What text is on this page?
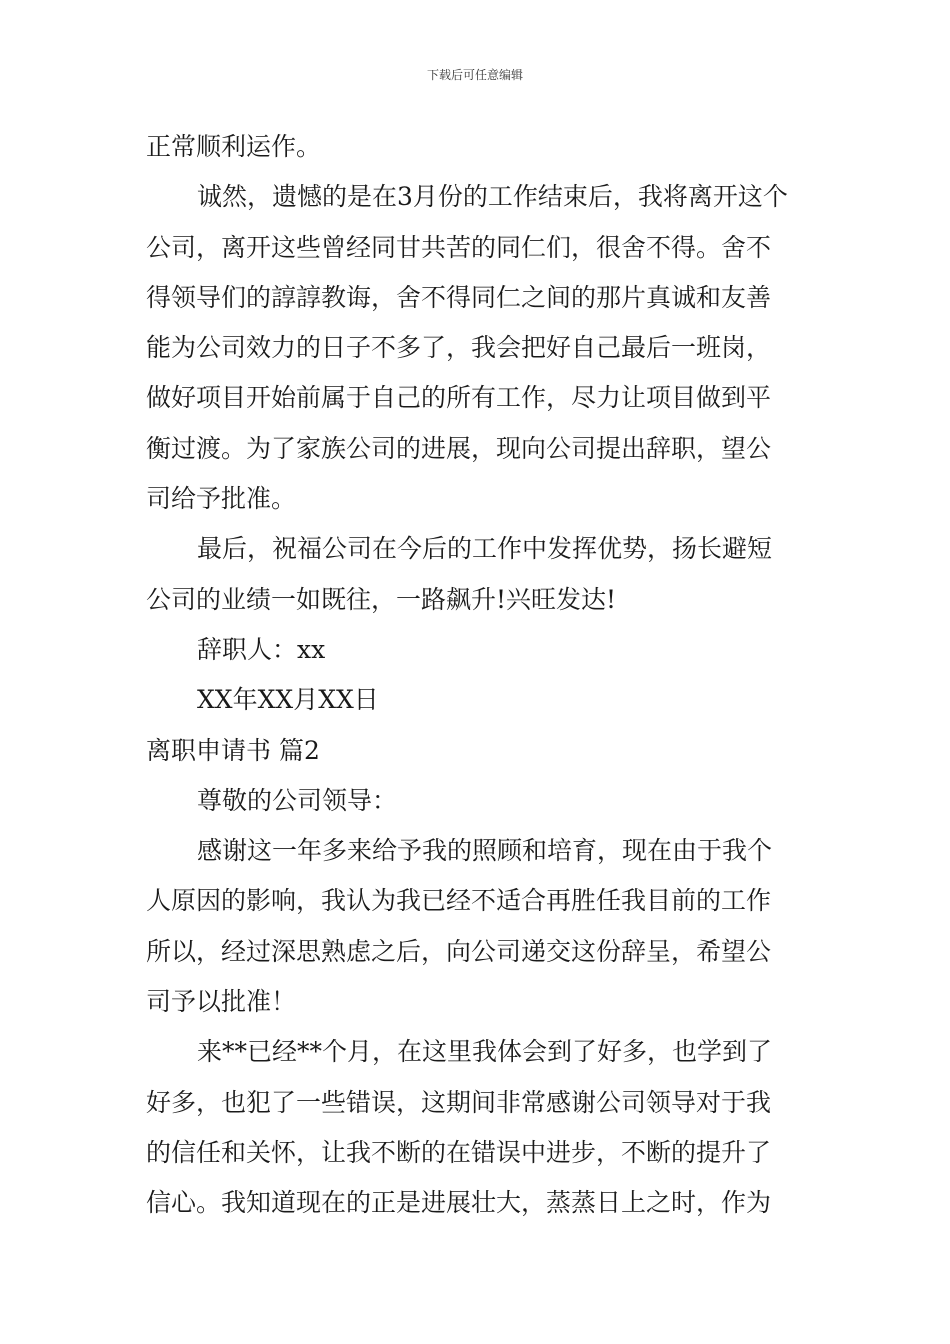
下载后可任意编辑
正常顺利运作。
诚然，遗憾的是在3月份的工作结束后，我将离开这个
公司，离开这些曾经同甘共苦的同仁们，很舍不得。舍不
得领导们的諄諄教诲，舍不得同仁之间的那片真诚和友善
能为公司效力的日子不多了，我会把好自己最后一班岗，
做好项目开始前属于自己的所有工作，尽力让项目做到平
衡过渡。为了家族公司的进展，现向公司提出辞职，望公
司给予批准。
最后，祝福公司在今后的工作中发挥优势，扬长避短
公司的业绩一如既往，一路飙升!兴旺发达!
辞职人：xx
XX年XX月XX日
离职申请书 篇2
尊敬的公司领导：
感谢这一年多来给予我的照顾和培育，现在由于我个
人原因的影响，我认为我已经不适合再胜任我目前的工作
所以，经过深思熟虑之后，向公司递交这份辞呈，希望公
司予以批准！
来**已经**个月，在这里我体会到了好多，也学到了
好多，也犯了一些错误，这期间非常感谢公司领导对于我
的信任和关怀，让我不断的在错误中进步，不断的提升了
信心。我知道现在的正是进展壮大，蒸蒸日上之时，作为
